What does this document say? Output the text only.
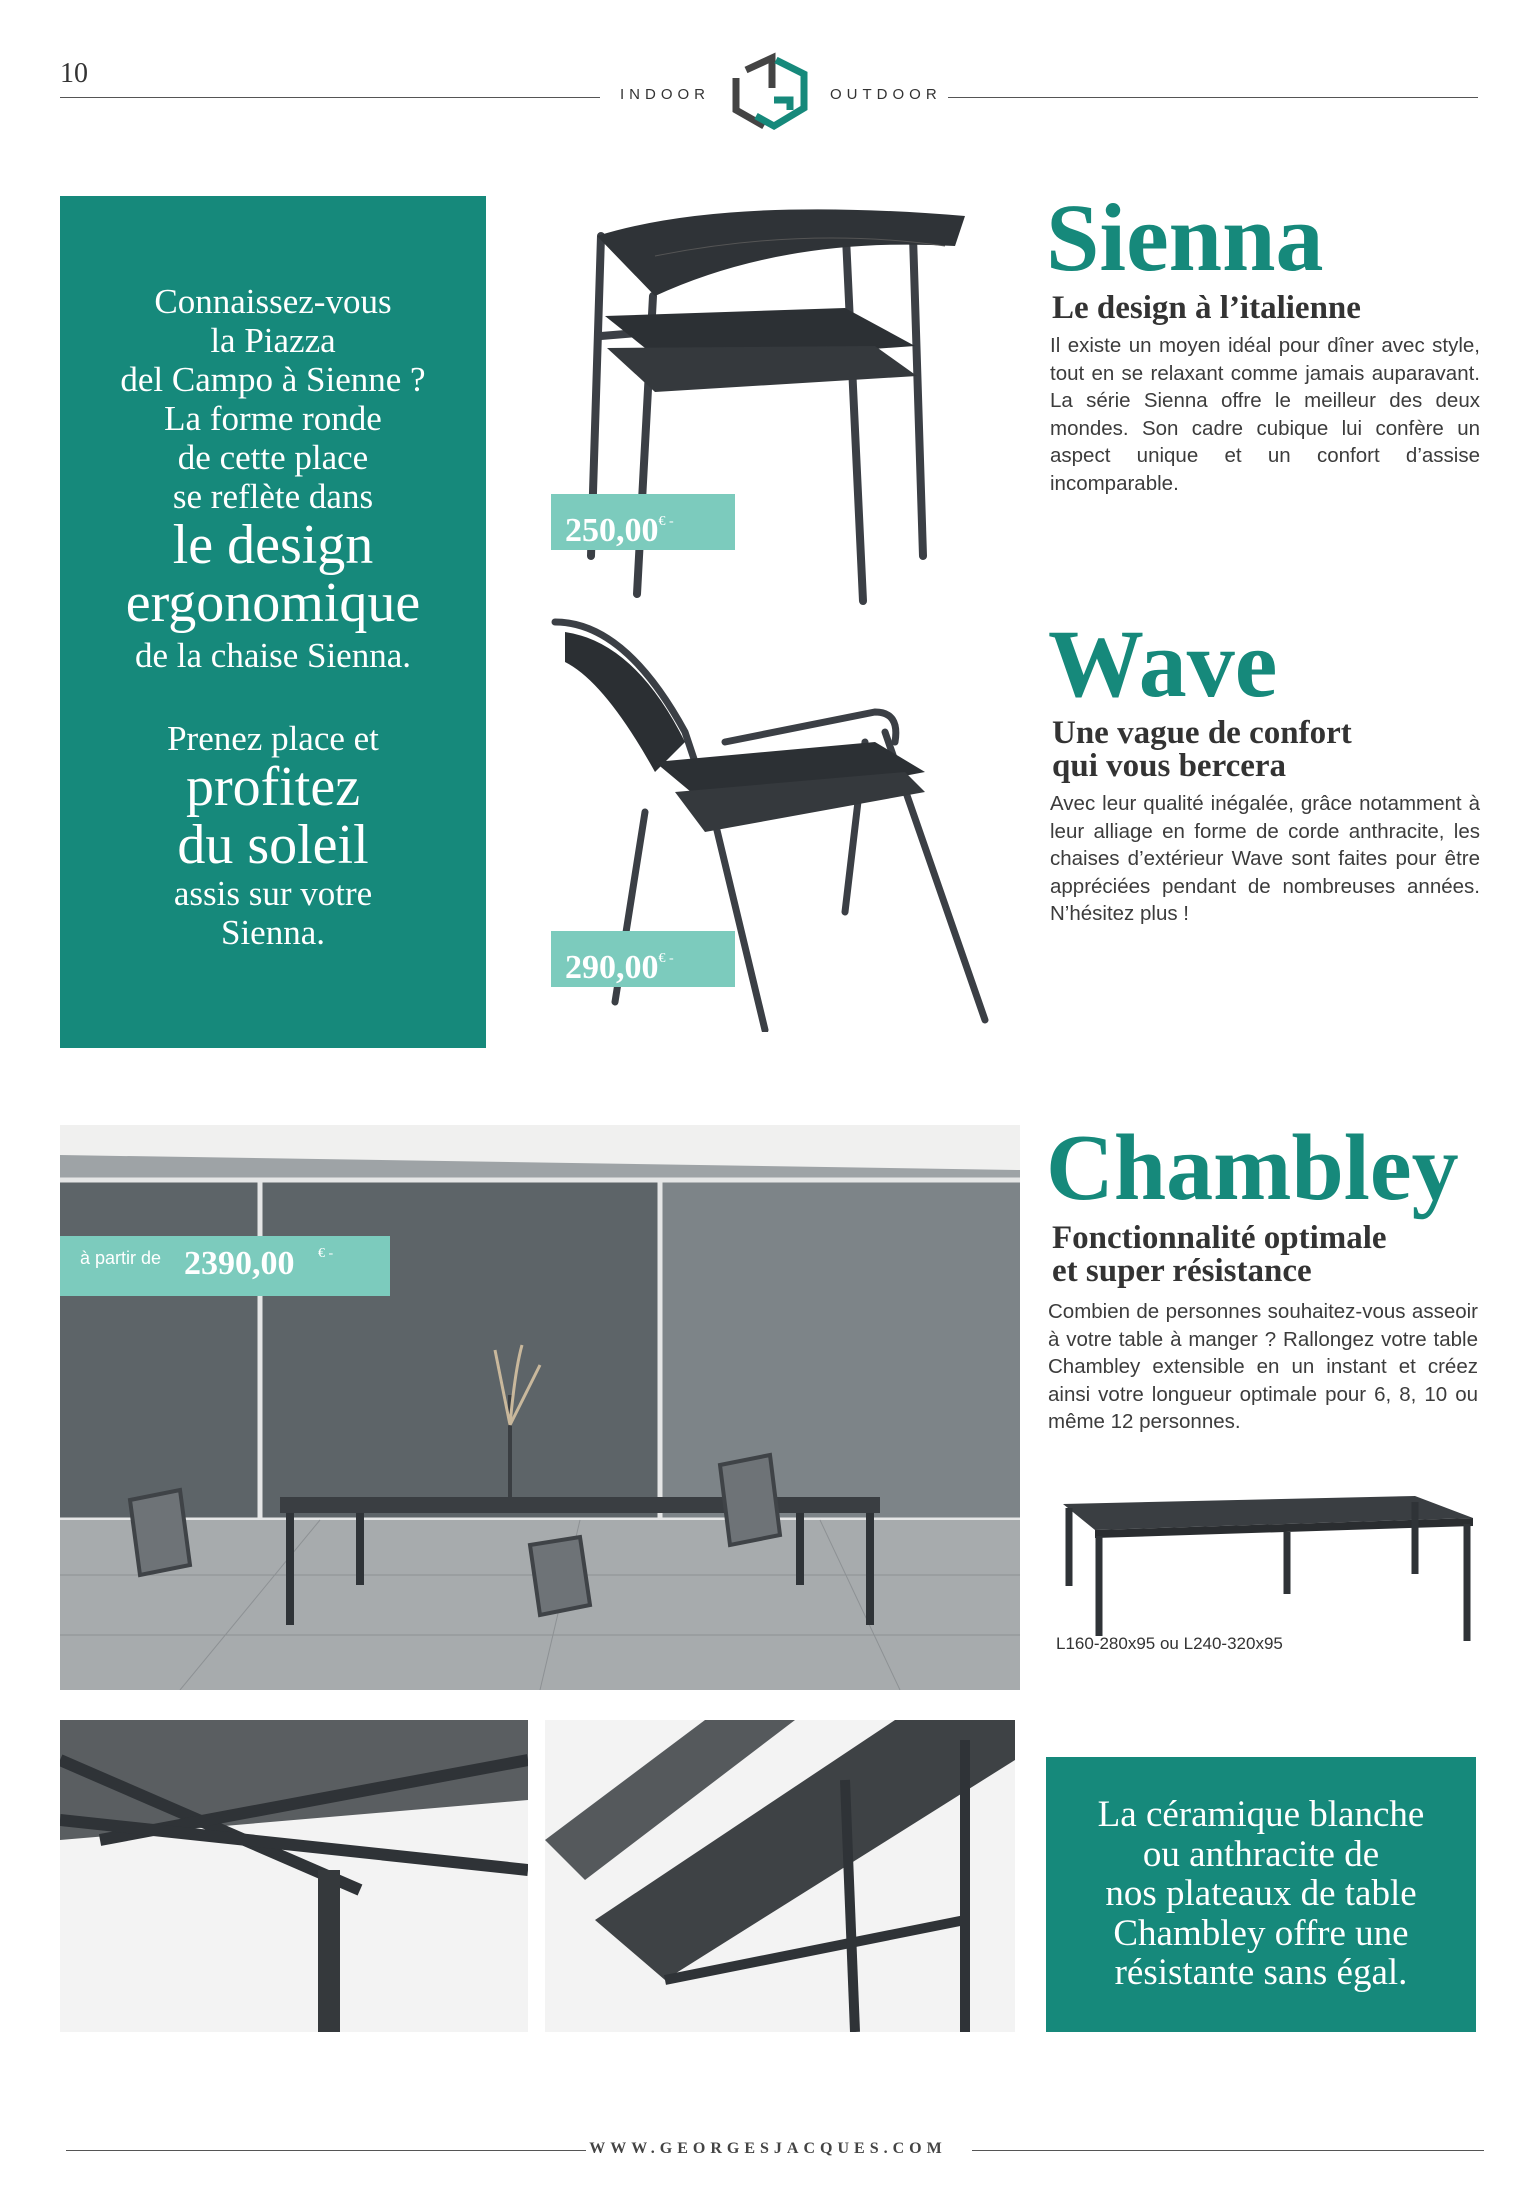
10
INDOOR	OUTDOOR
Connaissez-vous
la Piazza
del Campo à Sienne ?
La forme ronde
de cette place
se reflète dans
le design
ergonomique
de la chaise Sienna.
Prenez place et
profitez
du soleil
assis sur votre
Sienna.
250,00€ -
290,00€ -
Sienna
Le design à l’italienne
Il existe un moyen idéal pour dîner avec style, tout en se relaxant comme jamais auparavant. La série Sienna offre le meilleur des deux mondes. Son cadre cubique lui confère un aspect unique et un confort d’assise incomparable.
Wave
Une vague de confort
qui vous bercera
Avec leur qualité inégalée, grâce notamment à leur alliage en forme de corde anthracite, les chaises d’extérieur Wave sont faites pour être appréciées pendant de nombreuses années. N’hésitez plus !
à partir de 2390,00 € -
Chambley
Fonctionnalité optimale
et super résistance
Combien de personnes souhaitez-vous asseoir à votre table à manger ? Rallongez votre table Chambley extensible en un instant et créez ainsi votre longueur optimale pour 6, 8, 10 ou même 12 personnes.
L160-280x95 ou L240-320x95
La céramique blanche
ou anthracite de
nos plateaux de table
Chambley offre une
résistante sans égal.
WWW.GEORGESJACQUES.COM
